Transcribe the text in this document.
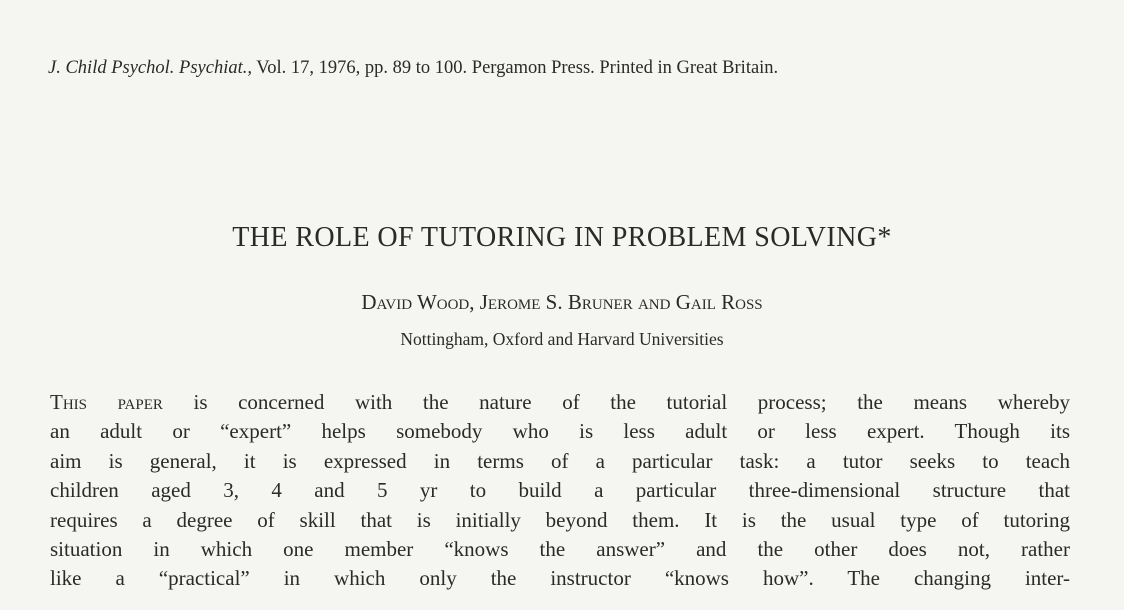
J. Child Psychol. Psychiat., Vol. 17, 1976, pp. 89 to 100. Pergamon Press. Printed in Great Britain.
THE ROLE OF TUTORING IN PROBLEM SOLVING*
David Wood, Jerome S. Bruner and Gail Ross
Nottingham, Oxford and Harvard Universities
This paper is concerned with the nature of the tutorial process; the means whereby
an adult or “expert” helps somebody who is less adult or less expert. Though its
aim is general, it is expressed in terms of a particular task: a tutor seeks to teach
children aged 3, 4 and 5 yr to build a particular three-dimensional structure that
requires a degree of skill that is initially beyond them. It is the usual type of tutoring
situation in which one member “knows the answer” and the other does not, rather
like a “practical” in which only the instructor “knows how”. The changing inter-
